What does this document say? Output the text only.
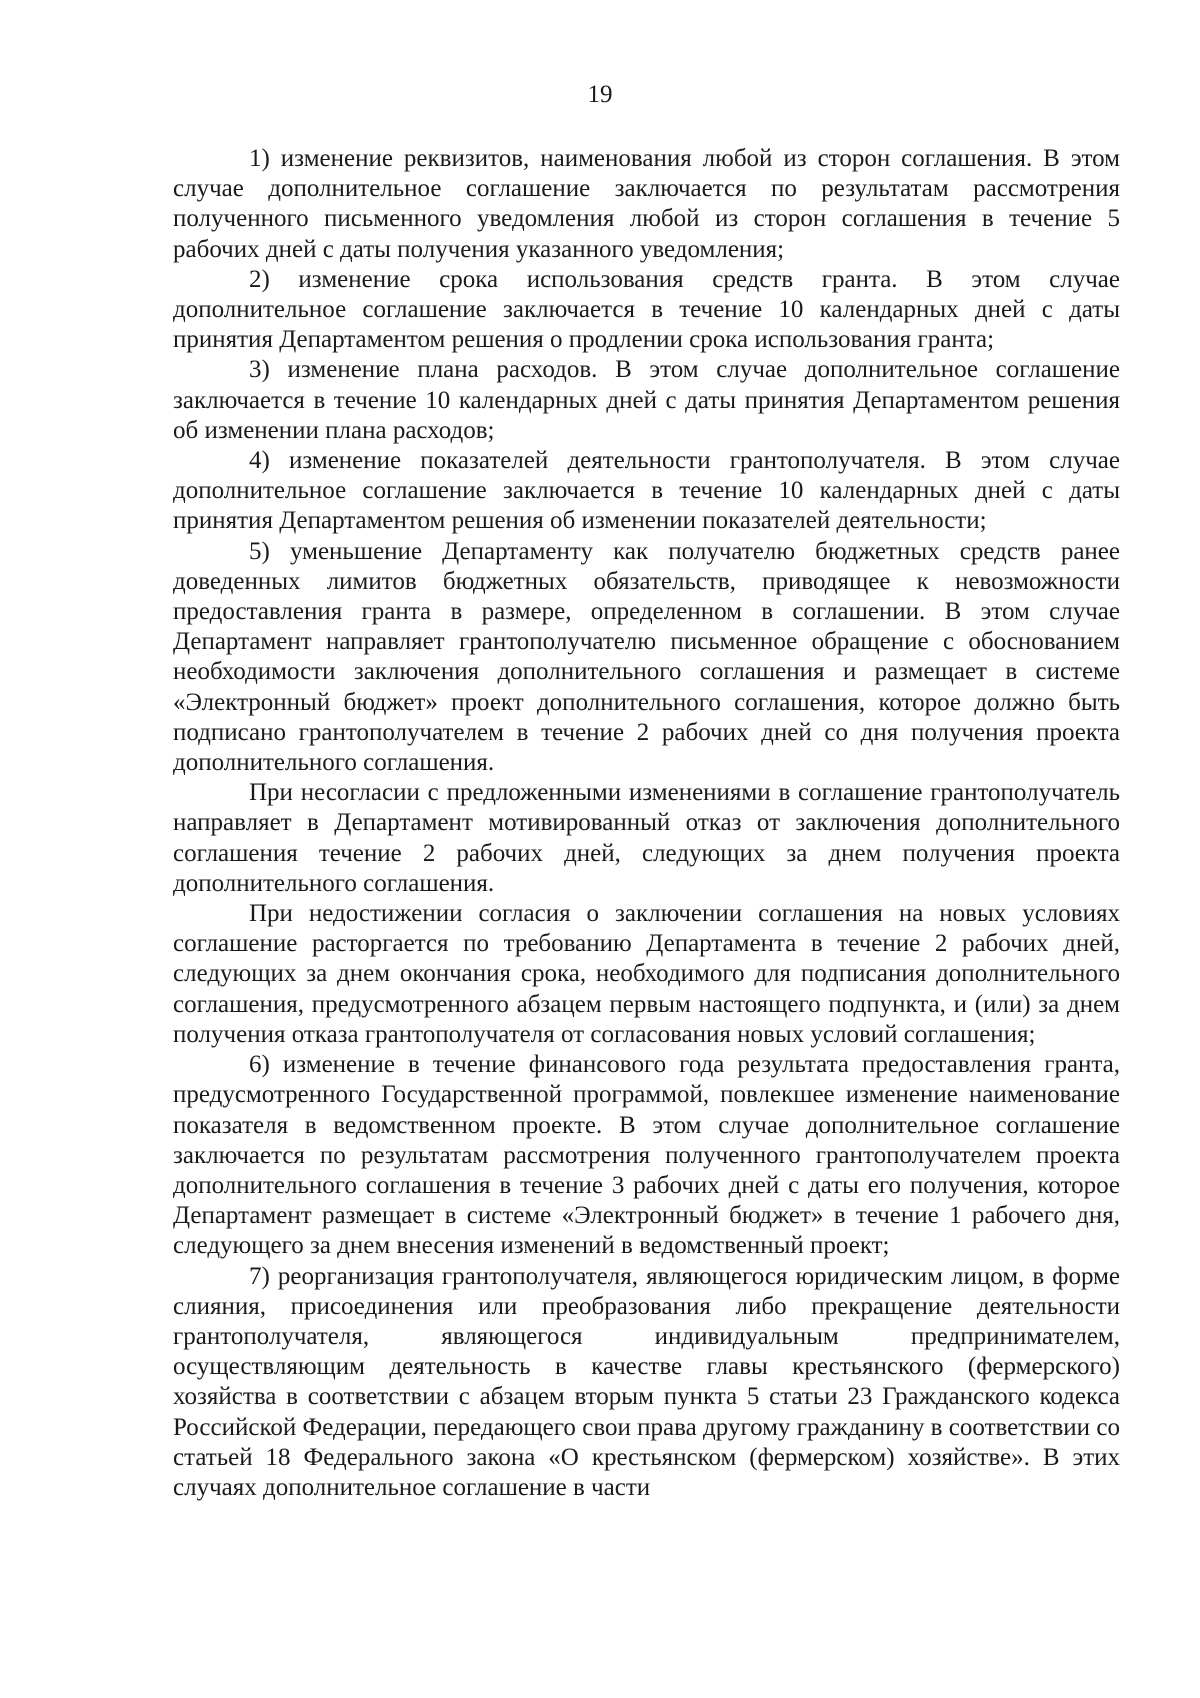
19

1) изменение реквизитов, наименования любой из сторон соглашения. В этом случае дополнительное соглашение заключается по результатам рассмотрения полученного письменного уведомления любой из сторон соглашения в течение 5 рабочих дней с даты получения указанного уведомления;

2) изменение срока использования средств гранта. В этом случае дополнительное соглашение заключается в течение 10 календарных дней с даты принятия Департаментом решения о продлении срока использования гранта;

3) изменение плана расходов. В этом случае дополнительное соглашение заключается в течение 10 календарных дней с даты принятия Департаментом решения об изменении плана расходов;

4) изменение показателей деятельности грантополучателя. В этом случае дополнительное соглашение заключается в течение 10 календарных дней с даты принятия Департаментом решения об изменении показателей деятельности;

5) уменьшение Департаменту как получателю бюджетных средств ранее доведенных лимитов бюджетных обязательств, приводящее к невозможности предоставления гранта в размере, определенном в соглашении. В этом случае Департамент направляет грантополучателю письменное обращение с обоснованием необходимости заключения дополнительного соглашения и размещает в системе «Электронный бюджет» проект дополнительного соглашения, которое должно быть подписано грантополучателем в течение 2 рабочих дней со дня получения проекта дополнительного соглашения.

При несогласии с предложенными изменениями в соглашение грантополучатель направляет в Департамент мотивированный отказ от заключения дополнительного соглашения течение 2 рабочих дней, следующих за днем получения проекта дополнительного соглашения.

При недостижении согласия о заключении соглашения на новых условиях соглашение расторгается по требованию Департамента в течение 2 рабочих дней, следующих за днем окончания срока, необходимого для подписания дополнительного соглашения, предусмотренного абзацем первым настоящего подпункта, и (или) за днем получения отказа грантополучателя от согласования новых условий соглашения;

6) изменение в течение финансового года результата предоставления гранта, предусмотренного Государственной программой, повлекшее изменение наименование показателя в ведомственном проекте. В этом случае дополнительное соглашение заключается по результатам рассмотрения полученного грантополучателем проекта дополнительного соглашения в течение 3 рабочих дней с даты его получения, которое Департамент размещает в системе «Электронный бюджет» в течение 1 рабочего дня, следующего за днем внесения изменений в ведомственный проект;

7) реорганизация грантополучателя, являющегося юридическим лицом, в форме слияния, присоединения или преобразования либо прекращение деятельности грантополучателя, являющегося индивидуальным предпринимателем, осуществляющим деятельность в качестве главы крестьянского (фермерского) хозяйства в соответствии с абзацем вторым пункта 5 статьи 23 Гражданского кодекса Российской Федерации, передающего свои права другому гражданину в соответствии со статьей 18 Федерального закона «О крестьянском (фермерском) хозяйстве». В этих случаях дополнительное соглашение в части
